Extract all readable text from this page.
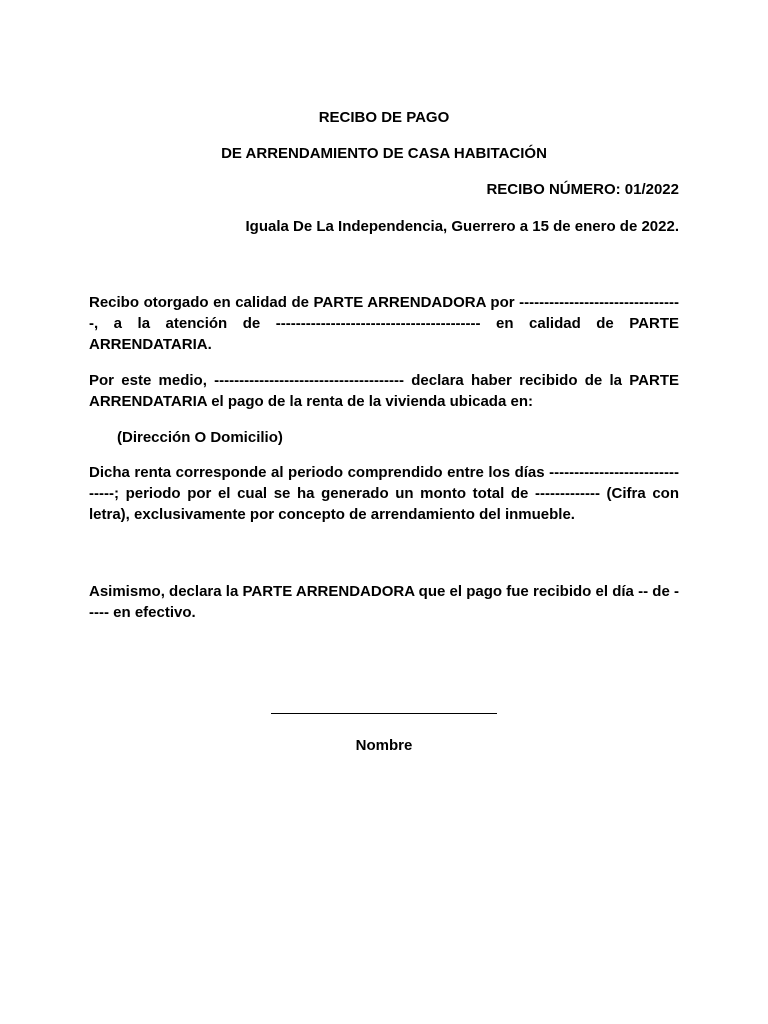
RECIBO DE PAGO
DE ARRENDAMIENTO DE CASA HABITACIÓN
RECIBO NÚMERO: 01/2022
Iguala De La Independencia, Guerrero a 15 de enero de 2022.
Recibo otorgado en calidad de PARTE ARRENDADORA por ---------------------------------, a la atención de ----------------------------------------- en calidad de PARTE ARRENDATARIA.
Por este medio, -------------------------------------- declara haber recibido de la PARTE ARRENDATARIA el pago de la renta de la vivienda ubicada en:
(Dirección O Domicilio)
Dicha renta corresponde al periodo comprendido entre los días -------------------------------; periodo por el cual se ha generado un monto total de ------------- (Cifra con letra), exclusivamente por concepto de arrendamiento del inmueble.
Asimismo, declara la PARTE ARRENDADORA que el pago fue recibido el día -- de ----- en efectivo.
Nombre
